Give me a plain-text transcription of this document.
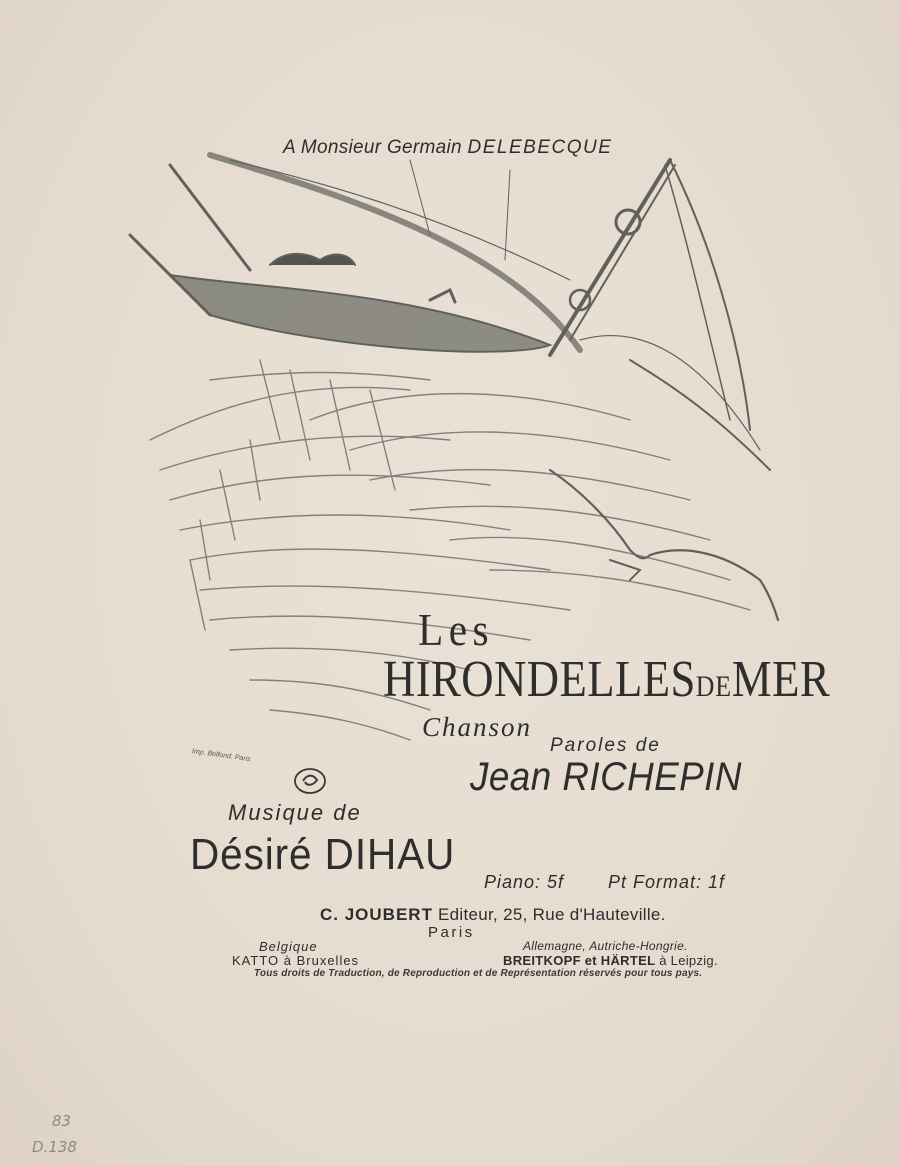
A Monsieur Germain DELEBECQUE
Les
HIRONDELLESDEMER
Chanson
Paroles de
Jean RICHEPIN
Imp. Belfond. Paris
Musique de
Désiré DIHAU
Piano: 5f Pt Format: 1f
C. JOUBERT Editeur, 25, Rue d'Hauteville.
Paris
Belgique
KATTO à Bruxelles
Allemagne, Autriche-Hongrie.
BREITKOPF et HÄRTEL à Leipzig.
Tous droits de Traduction, de Reproduction et de Représentation réservés pour tous pays.
83
D.138
